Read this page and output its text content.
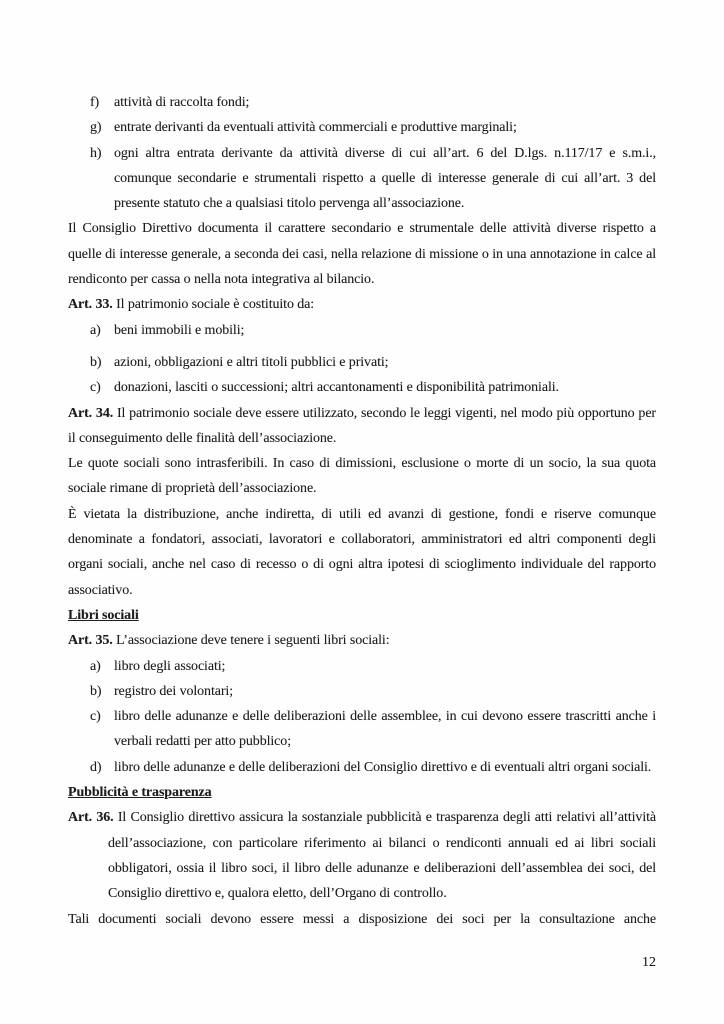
f)	attività di raccolta fondi;
g) entrate derivanti da eventuali attività commerciali e produttive marginali;
h) ogni altra entrata derivante da attività diverse di cui all’art. 6 del D.lgs. n.117/17 e s.m.i., comunque secondarie e strumentali rispetto a quelle di interesse generale di cui all’art. 3 del presente statuto che a qualsiasi titolo pervenga all’associazione.
Il Consiglio Direttivo documenta il carattere secondario e strumentale delle attività diverse rispetto a quelle di interesse generale, a seconda dei casi, nella relazione di missione o in una annotazione in calce al rendiconto per cassa o nella nota integrativa al bilancio.
Art. 33. Il patrimonio sociale è costituito da:
a) beni immobili e mobili;
b) azioni, obbligazioni e altri titoli pubblici e privati;
c) donazioni, lasciti o successioni; altri accantonamenti e disponibilità patrimoniali.
Art. 34. Il patrimonio sociale deve essere utilizzato, secondo le leggi vigenti, nel modo più opportuno per il conseguimento delle finalità dell’associazione.
Le quote sociali sono intrasferibili. In caso di dimissioni, esclusione o morte di un socio, la sua quota sociale rimane di proprietà dell’associazione.
È vietata la distribuzione, anche indiretta, di utili ed avanzi di gestione, fondi e riserve comunque denominate a fondatori, associati, lavoratori e collaboratori, amministratori ed altri componenti degli organi sociali, anche nel caso di recesso o di ogni altra ipotesi di scioglimento individuale del rapporto associativo.
Libri sociali
Art. 35. L’associazione deve tenere i seguenti libri sociali:
a) libro degli associati;
b) registro dei volontari;
c) libro delle adunanze e delle deliberazioni delle assemblee, in cui devono essere trascritti anche i verbali redatti per atto pubblico;
d) libro delle adunanze e delle deliberazioni del Consiglio direttivo e di eventuali altri organi sociali.
Pubblicità e trasparenza
Art. 36. Il Consiglio direttivo assicura la sostanziale pubblicità e trasparenza degli atti relativi all’attività dell’associazione, con particolare riferimento ai bilanci o rendiconti annuali ed ai libri sociali obbligatori, ossia il libro soci, il libro delle adunanze e deliberazioni dell’assemblea dei soci, del Consiglio direttivo e, qualora eletto, dell’Organo di controllo.
Tali documenti sociali devono essere messi a disposizione dei soci per la consultazione anche
12
